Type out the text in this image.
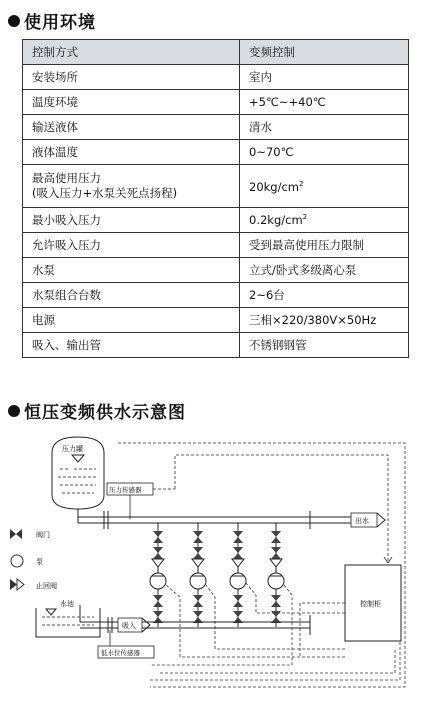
使用环境
控制方式	变频控制
安装场所	室内
温度环境	+5℃~+40℃
输送液体	清水
液体温度	0~70℃

最高使用压力
(吸入压力+水泵关死点扬程)	$20kg/cm^2$
最小吸入压力	$0.2kg/cm^2$
允许吸入压力	受到最高使用压力限制
水泵	立式/卧式多级离心泵
水泵组合台数	2~6台
电源	三相×220/380V×50Hz
吸入、输出管	不锈钢钢管
恒压变频供水示意图
压力罐
压力传感器
出水
吸入
水池
低水位传感器
控制柜
阀门
泵
止回阀
